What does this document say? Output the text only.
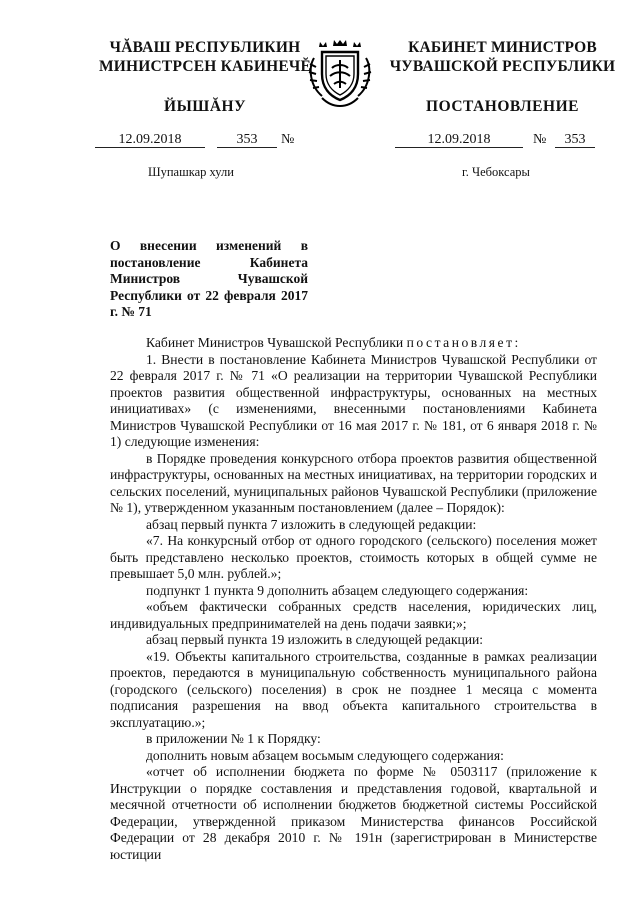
ЧĂВАШ РЕСПУБЛИКИН
МИНИСТРСЕН КАБИНЕЧĔ
ЙЫШĂНУ
КАБИНЕТ МИНИСТРОВ
ЧУВАШСКОЙ РЕСПУБЛИКИ
ПОСТАНОВЛЕНИЕ
12.09.2018	353	№	12.09.2018	№	353
Шупашкар хули	г. Чебоксары
О внесении изменений в постановление Кабинета Министров Чувашской Республики от 22 февраля 2017 г. № 71

Кабинет Министров Чувашской Республики постановляет:

1. Внести в постановление Кабинета Министров Чувашской Республики от 22 февраля 2017 г. № 71 «О реализации на территории Чувашской Республики проектов развития общественной инфраструктуры, основанных на местных инициативах» (с изменениями, внесенными постановлениями Кабинета Министров Чувашской Республики от 16 мая 2017 г. № 181, от 6 января 2018 г. № 1) следующие изменения:

в Порядке проведения конкурсного отбора проектов развития общественной инфраструктуры, основанных на местных инициативах, на территории городских и сельских поселений, муниципальных районов Чувашской Республики (приложение № 1), утвержденном указанным постановлением (далее – Порядок):

абзац первый пункта 7 изложить в следующей редакции:

«7. На конкурсный отбор от одного городского (сельского) поселения может быть представлено несколько проектов, стоимость которых в общей сумме не превышает 5,0 млн. рублей.»;

подпункт 1 пункта 9 дополнить абзацем следующего содержания:

«объем фактически собранных средств населения, юридических лиц, индивидуальных предпринимателей на день подачи заявки;»;

абзац первый пункта 19 изложить в следующей редакции:

«19. Объекты капитального строительства, созданные в рамках реализации проектов, передаются в муниципальную собственность муниципального района (городского (сельского) поселения) в срок не позднее 1 месяца с момента подписания разрешения на ввод объекта капитального строительства в эксплуатацию.»;

в приложении № 1 к Порядку:

дополнить новым абзацем восьмым следующего содержания:

«отчет об исполнении бюджета по форме № 0503117 (приложение к Инструкции о порядке составления и представления годовой, квартальной и месячной отчетности об исполнении бюджетов бюджетной системы Российской Федерации, утвержденной приказом Министерства финансов Российской Федерации от 28 декабря 2010 г. № 191н (зарегистрирован в Министерстве юстиции
